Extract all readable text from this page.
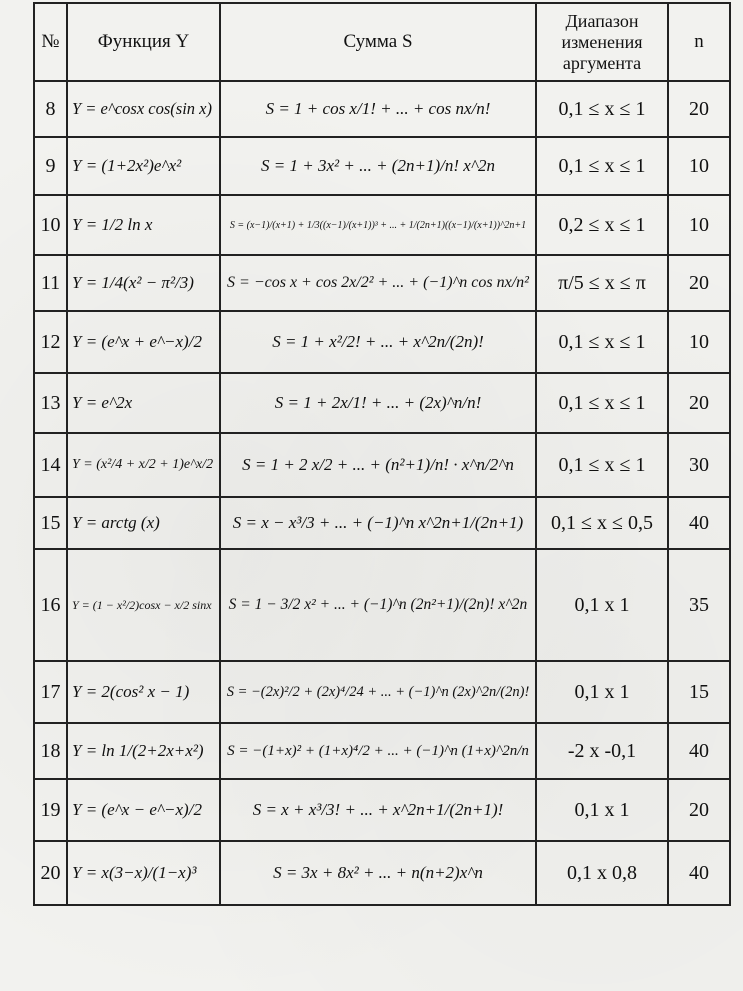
№	Функция Y	Сумма S	Диапазон изменения аргумента	n
8	Y = e^cosx cos(sin x)	S = 1 + cos x/1! + ... + cos nx/n!	0,1 ≤ x ≤ 1	20
9	Y = (1+2x²)e^x²	S = 1 + 3x² + ... + (2n+1)/n! x^2n	0,1 ≤ x ≤ 1	10
10	Y = 1/2 ln x	S = (x−1)/(x+1) + 1/3((x−1)/(x+1))³ + ... + 1/(2n+1)((x−1)/(x+1))^2n+1	0,2 ≤ x ≤ 1	10
11	Y = 1/4(x² − π²/3)	S = −cos x + cos 2x/2² + ... + (−1)^n cos nx/n²	π/5 ≤ x ≤ π	20
12	Y = (e^x + e^−x)/2	S = 1 + x²/2! + ... + x^2n/(2n)!	0,1 ≤ x ≤ 1	10
13	Y = e^2x	S = 1 + 2x/1! + ... + (2x)^n/n!	0,1 ≤ x ≤ 1	20
14	Y = (x²/4 + x/2 + 1)e^x/2	S = 1 + 2 x/2 + ... + (n²+1)/n! · x^n/2^n	0,1 ≤ x ≤ 1	30
15	Y = arctg (x)	S = x − x³/3 + ... + (−1)^n x^2n+1/(2n+1)	0,1 ≤ x ≤ 0,5	40
16	Y = (1 − x²/2)cosx − x/2 sinx	S = 1 − 3/2 x² + ... + (−1)^n (2n²+1)/(2n)! x^2n	0,1 x 1	35
17	Y = 2(cos² x − 1)	S = −(2x)²/2 + (2x)⁴/24 + ... + (−1)^n (2x)^2n/(2n)!	0,1 x 1	15
18	Y = ln 1/(2+2x+x²)	S = −(1+x)² + (1+x)⁴/2 + ... + (−1)^n (1+x)^2n/n	-2 x -0,1	40
19	Y = (e^x − e^−x)/2	S = x + x³/3! + ... + x^2n+1/(2n+1)!	0,1 x 1	20
20	Y = x(3−x)/(1−x)³	S = 3x + 8x² + ... + n(n+2)x^n	0,1 x 0,8	40
